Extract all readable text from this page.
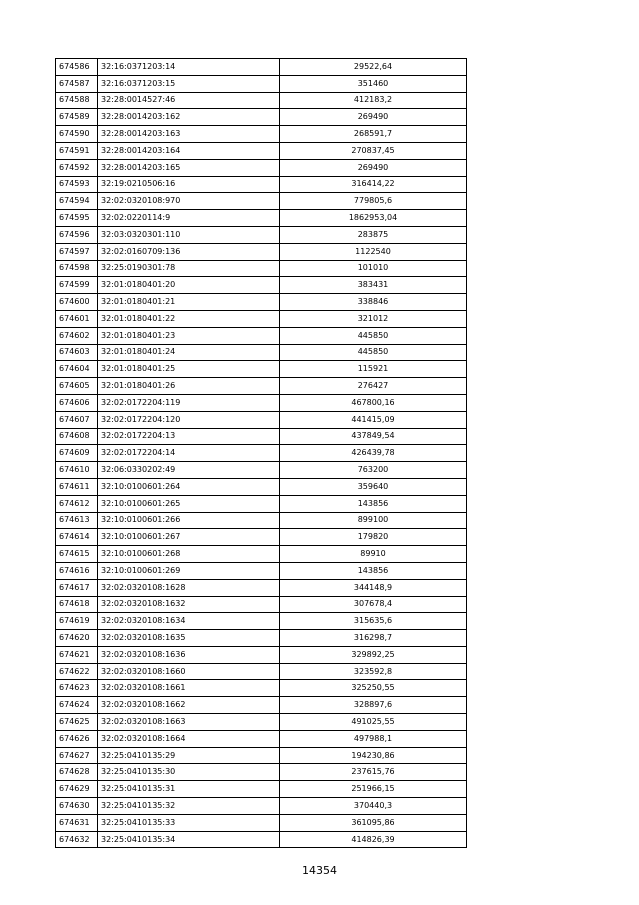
674586	32:16:0371203:14	29522,64
674587	32:16:0371203:15	351460
674588	32:28:0014527:46	412183,2
674589	32:28:0014203:162	269490
674590	32:28:0014203:163	268591,7
674591	32:28:0014203:164	270837,45
674592	32:28:0014203:165	269490
674593	32:19:0210506:16	316414,22
674594	32:02:0320108:970	779805,6
674595	32:02:0220114:9	1862953,04
674596	32:03:0320301:110	283875
674597	32:02:0160709:136	1122540
674598	32:25:0190301:78	101010
674599	32:01:0180401:20	383431
674600	32:01:0180401:21	338846
674601	32:01:0180401:22	321012
674602	32:01:0180401:23	445850
674603	32:01:0180401:24	445850
674604	32:01:0180401:25	115921
674605	32:01:0180401:26	276427
674606	32:02:0172204:119	467800,16
674607	32:02:0172204:120	441415,09
674608	32:02:0172204:13	437849,54
674609	32:02:0172204:14	426439,78
674610	32:06:0330202:49	763200
674611	32:10:0100601:264	359640
674612	32:10:0100601:265	143856
674613	32:10:0100601:266	899100
674614	32:10:0100601:267	179820
674615	32:10:0100601:268	89910
674616	32:10:0100601:269	143856
674617	32:02:0320108:1628	344148,9
674618	32:02:0320108:1632	307678,4
674619	32:02:0320108:1634	315635,6
674620	32:02:0320108:1635	316298,7
674621	32:02:0320108:1636	329892,25
674622	32:02:0320108:1660	323592,8
674623	32:02:0320108:1661	325250,55
674624	32:02:0320108:1662	328897,6
674625	32:02:0320108:1663	491025,55
674626	32:02:0320108:1664	497988,1
674627	32:25:0410135:29	194230,86
674628	32:25:0410135:30	237615,76
674629	32:25:0410135:31	251966,15
674630	32:25:0410135:32	370440,3
674631	32:25:0410135:33	361095,86
674632	32:25:0410135:34	414826,39
14354
